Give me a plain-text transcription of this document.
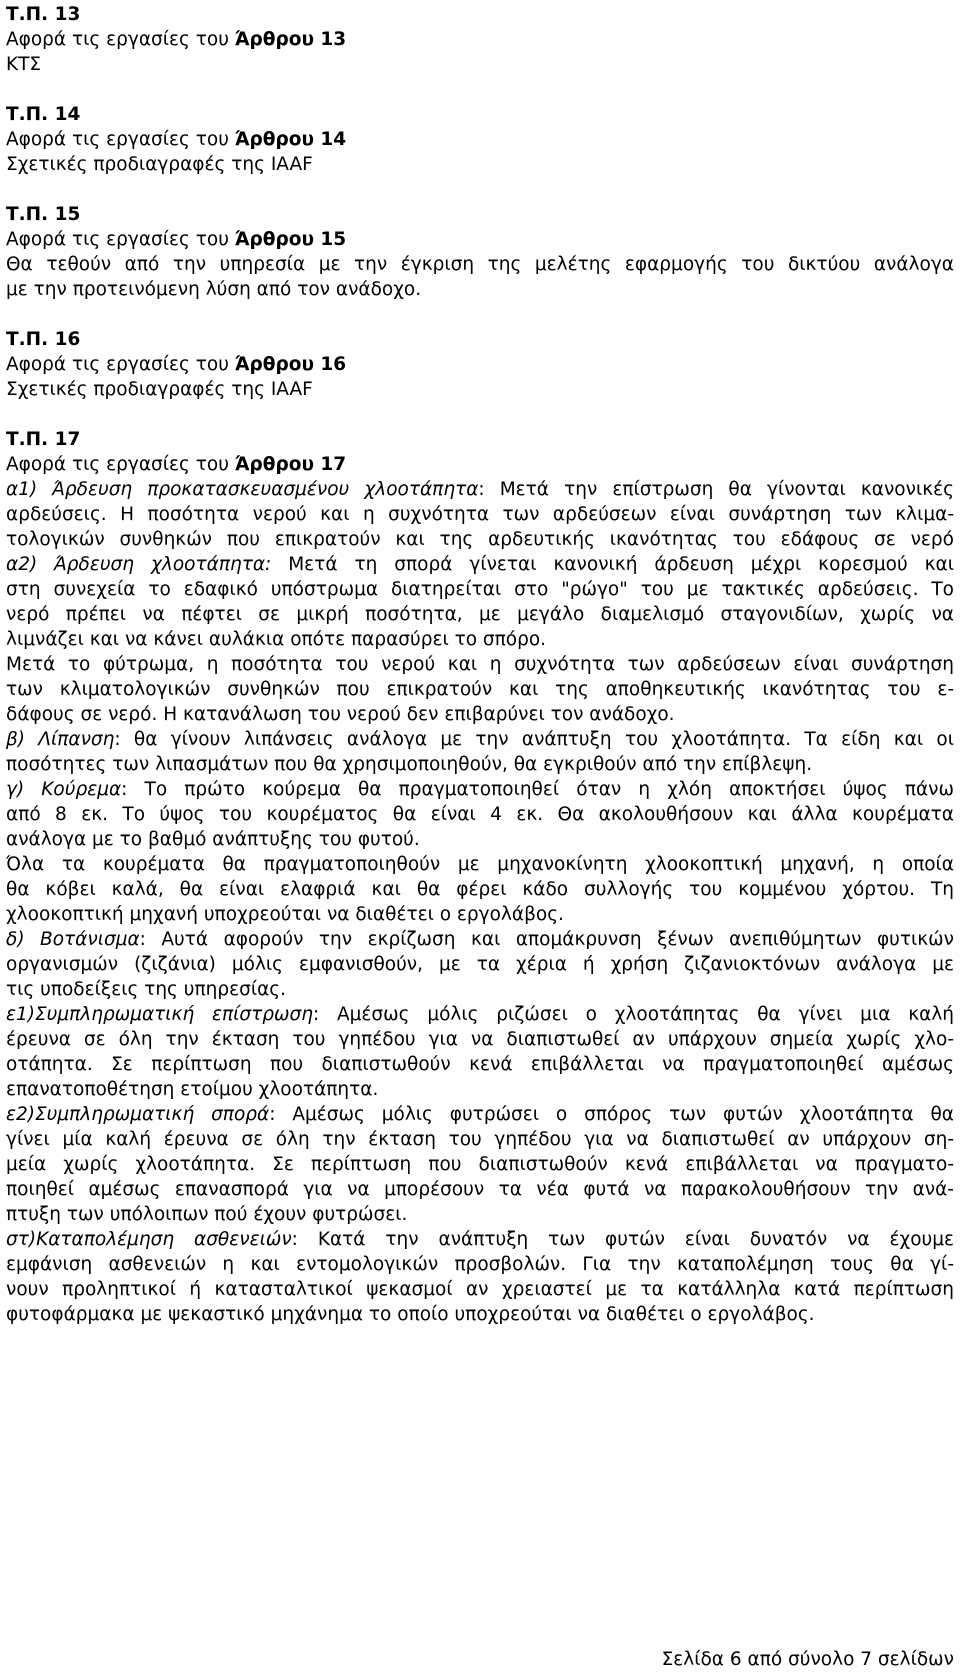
Τ.Π. 13
Αφορά τις εργασίες του Άρθρου 13
ΚΤΣ
Τ.Π. 14
Αφορά τις εργασίες του Άρθρου 14
Σχετικές προδιαγραφές της IAAF
Τ.Π. 15
Αφορά τις εργασίες του Άρθρου 15
Θα τεθούν από την υπηρεσία με την έγκριση της μελέτης εφαρμογής του δικτύου ανάλογα
με την προτεινόμενη λύση από τον ανάδοχο.
Τ.Π. 16
Αφορά τις εργασίες του Άρθρου 16
Σχετικές προδιαγραφές της IAAF
Τ.Π. 17
Αφορά τις εργασίες του Άρθρου 17
α1) Άρδευση προκατασκευασμένου χλοοτάπητα: Μετά την επίστρωση θα γίνονται κανονικές
αρδεύσεις. Η ποσότητα νερού και η συχνότητα των αρδεύσεων είναι συνάρτηση των κλιμα-
τολογικών συνθηκών που επικρατούν και της αρδευτικής ικανότητας του εδάφους σε νερό
α2) Άρδευση χλοοτάπητα: Μετά τη σπορά γίνεται κανονική άρδευση μέχρι κορεσμού και
στη συνεχεία το εδαφικό υπόστρωμα διατηρείται στο "ρώγο" του με τακτικές αρδεύσεις. Το
νερό πρέπει να πέφτει σε μικρή ποσότητα, με μεγάλο διαμελισμό σταγονιδίων, χωρίς να
λιμνάζει και να κάνει αυλάκια οπότε παρασύρει το σπόρο.
Μετά το φύτρωμα, η ποσότητα του νερού και η συχνότητα των αρδεύσεων είναι συνάρτηση
των κλιματολογικών συνθηκών που επικρατούν και της αποθηκευτικής ικανότητας του ε-
δάφους σε νερό. Η κατανάλωση του νερού δεν επιβαρύνει τον ανάδοχο.
β) Λίπανση: θα γίνουν λιπάνσεις ανάλογα με την ανάπτυξη του χλοοτάπητα. Τα είδη και οι
ποσότητες των λιπασμάτων που θα χρησιμοποιηθούν, θα εγκριθούν από την επίβλεψη.
γ) Κούρεμα: Το πρώτο κούρεμα θα πραγματοποιηθεί όταν η χλόη αποκτήσει ύψος πάνω
από 8 εκ. Το ύψος του κουρέματος θα είναι 4 εκ. Θα ακολουθήσουν και άλλα κουρέματα
ανάλογα με το βαθμό ανάπτυξης του φυτού.
Όλα τα κουρέματα θα πραγματοποιηθούν με μηχανοκίνητη χλοοκοπτική μηχανή, η οποία
θα κόβει καλά, θα είναι ελαφριά και θα φέρει κάδο συλλογής του κομμένου χόρτου. Τη
χλοοκοπτική μηχανή υποχρεούται να διαθέτει ο εργολάβος.
δ) Βοτάνισμα: Αυτά αφορούν την εκρίζωση και απομάκρυνση ξένων ανεπιθύμητων φυτικών
οργανισμών (ζιζάνια) μόλις εμφανισθούν, με τα χέρια ή χρήση ζιζανιοκτόνων ανάλογα με
τις υποδείξεις της υπηρεσίας.
ε1)Συμπληρωματική επίστρωση: Αμέσως μόλις ριζώσει ο χλοοτάπητας θα γίνει μια καλή
έρευνα σε όλη την έκταση του γηπέδου για να διαπιστωθεί αν υπάρχουν σημεία χωρίς χλο-
οτάπητα. Σε περίπτωση που διαπιστωθούν κενά επιβάλλεται να πραγματοποιηθεί αμέσως
επανατοποθέτηση ετοίμου χλοοτάπητα.
ε2)Συμπληρωματική σπορά: Αμέσως μόλις φυτρώσει ο σπόρος των φυτών χλοοτάπητα θα
γίνει μία καλή έρευνα σε όλη την έκταση του γηπέδου για να διαπιστωθεί αν υπάρχουν ση-
μεία χωρίς χλοοτάπητα. Σε περίπτωση που διαπιστωθούν κενά επιβάλλεται να πραγματο-
ποιηθεί αμέσως επανασπορά για να μπορέσουν τα νέα φυτά να παρακολουθήσουν την ανά-
πτυξη των υπόλοιπων πού έχουν φυτρώσει.
στ)Καταπολέμηση ασθενειών: Κατά την ανάπτυξη των φυτών είναι δυνατόν να έχουμε
εμφάνιση ασθενειών η και εντομολογικών προσβολών. Για την καταπολέμηση τους θα γί-
νουν προληπτικοί ή κατασταλτικοί ψεκασμοί αν χρειαστεί με τα κατάλληλα κατά περίπτωση
φυτοφάρμακα με ψεκαστικό μηχάνημα το οποίο υποχρεούται να διαθέτει ο εργολάβος.
Σελίδα 6 από σύνολο 7 σελίδων
